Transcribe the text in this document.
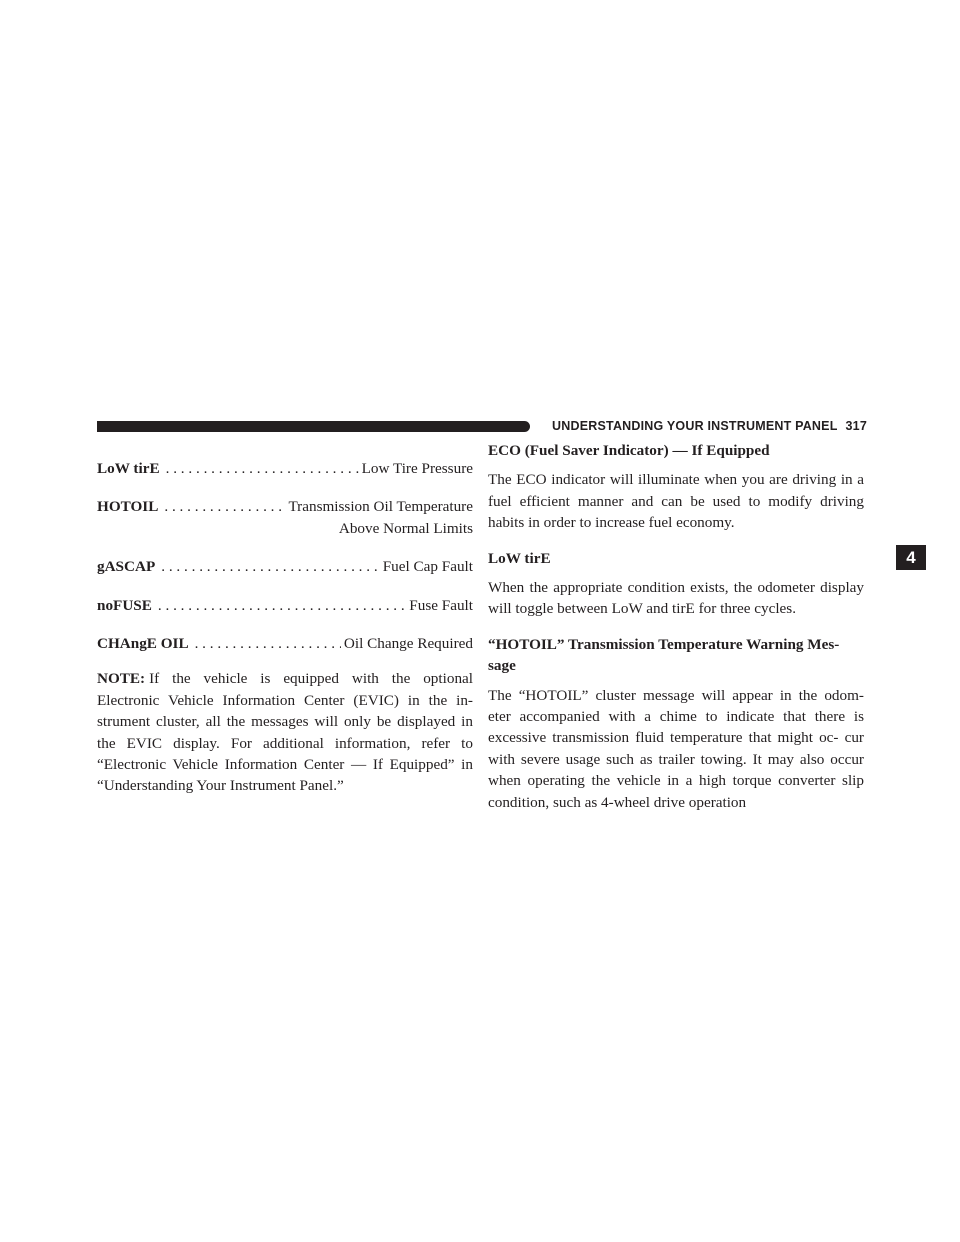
UNDERSTANDING YOUR INSTRUMENT PANEL 317
4
LoW tirE . . .	Low Tire Pressure
HOTOIL . . .	Transmission Oil Temperature
Above Normal Limits
gASCAP . . .	Fuel Cap Fault
noFUSE . . .	Fuse Fault
CHAngE OIL . . .	Oil Change Required

NOTE: If the vehicle is equipped with the optional Electronic Vehicle Information Center (EVIC) in the in- strument cluster, all the messages will only be displayed in the EVIC display. For additional information, refer to “Electronic Vehicle Information Center — If Equipped” in “Understanding Your Instrument Panel.”

ECO (Fuel Saver Indicator) — If Equipped

The ECO indicator will illuminate when you are driving in a fuel efficient manner and can be used to modify driving habits in order to increase fuel economy.

LoW tirE

When the appropriate condition exists, the odometer display will toggle between LoW and tirE for three cycles.

“HOTOIL” Transmission Temperature Warning Mes- sage

The “HOTOIL” cluster message will appear in the odom- eter accompanied with a chime to indicate that there is excessive transmission fluid temperature that might oc- cur with severe usage such as trailer towing. It may also occur when operating the vehicle in a high torque converter slip condition, such as 4-wheel drive operation
